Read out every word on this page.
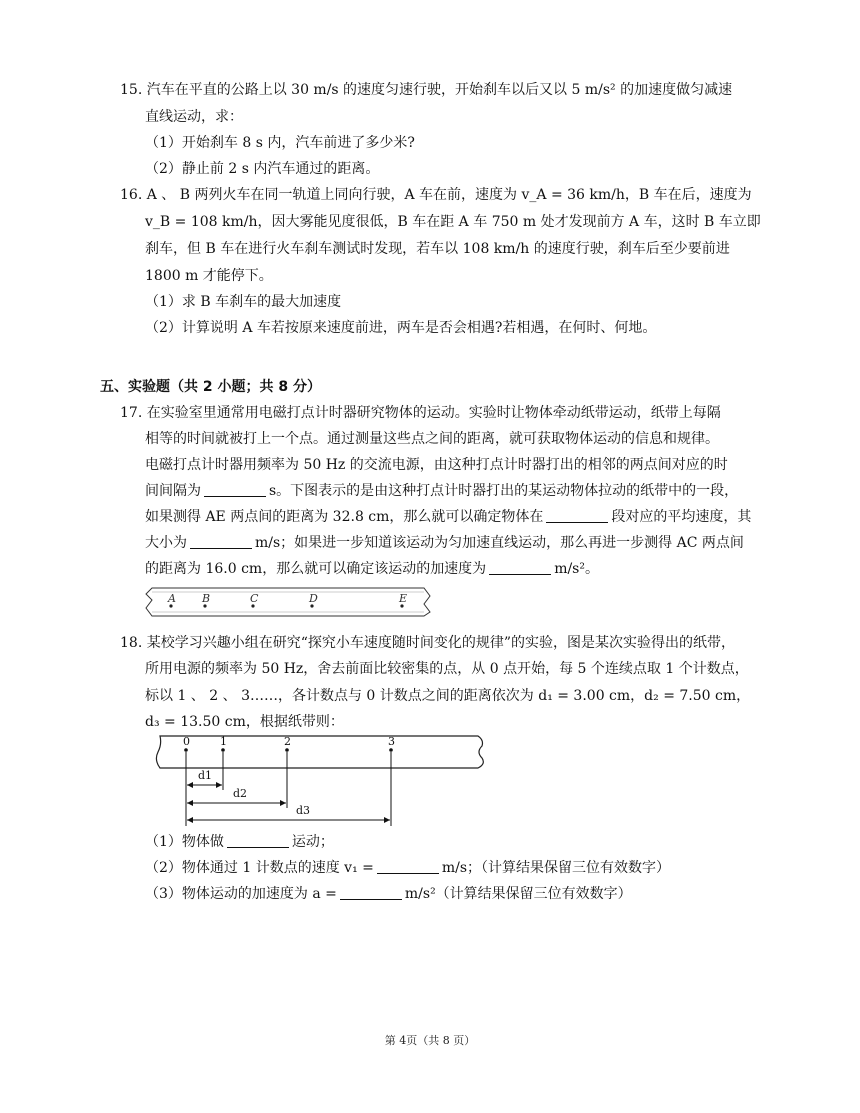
15. 汽车在平直的公路上以 30 m/s 的速度匀速行驶，开始刹车以后又以 5 m/s² 的加速度做匀减速
直线运动，求：
（1）开始刹车 8 s 内，汽车前进了多少米?
（2）静止前 2 s 内汽车通过的距离。
16. A 、 B 两列火车在同一轨道上同向行驶，A 车在前，速度为 v_A = 36 km/h，B 车在后，速度为
v_B = 108 km/h，因大雾能见度很低，B 车在距 A 车 750 m 处才发现前方 A 车，这时 B 车立即
刹车，但 B 车在进行火车刹车测试时发现，若车以 108 km/h 的速度行驶，刹车后至少要前进
1800 m 才能停下。
（1）求 B 车刹车的最大加速度
（2）计算说明 A 车若按原来速度前进，两车是否会相遇?若相遇，在何时、何地。
五、实验题（共 2 小题；共 8 分）
17. 在实验室里通常用电磁打点计时器研究物体的运动。实验时让物体牵动纸带运动，纸带上每隔
相等的时间就被打上一个点。通过测量这些点之间的距离，就可获取物体运动的信息和规律。
电磁打点计时器用频率为 50 Hz 的交流电源，由这种打点计时器打出的相邻的两点间对应的时
间间隔为	s。下图表示的是由这种打点计时器打出的某运动物体拉动的纸带中的一段，
如果测得 AE 两点间的距离为 32.8 cm，那么就可以确定物体在	段对应的平均速度，其
大小为	m/s；如果进一步知道该运动为匀加速直线运动，那么再进一步测得 AC 两点间
的距离为 16.0 cm，那么就可以确定该运动的加速度为	m/s²。
A B	C	D	E
18. 某校学习兴趣小组在研究“探究小车速度随时间变化的规律”的实验，图是某次实验得出的纸带，
所用电源的频率为 50 Hz，舍去前面比较密集的点，从 0 点开始，每 5 个连续点取 1 个计数点，
标以 1 、 2 、 3……，各计数点与 0 计数点之间的距离依次为 d₁ = 3.00 cm，d₂ = 7.50 cm，
d₃ = 13.50 cm，根据纸带则：
0	1	2	3
d1
d2
d3
（1）物体做	运动；
（2）物体通过 1 计数点的速度 v₁ =	m/s；（计算结果保留三位有效数字）
（3）物体运动的加速度为 a =	m/s²（计算结果保留三位有效数字）
第 4页（共 8 页）
